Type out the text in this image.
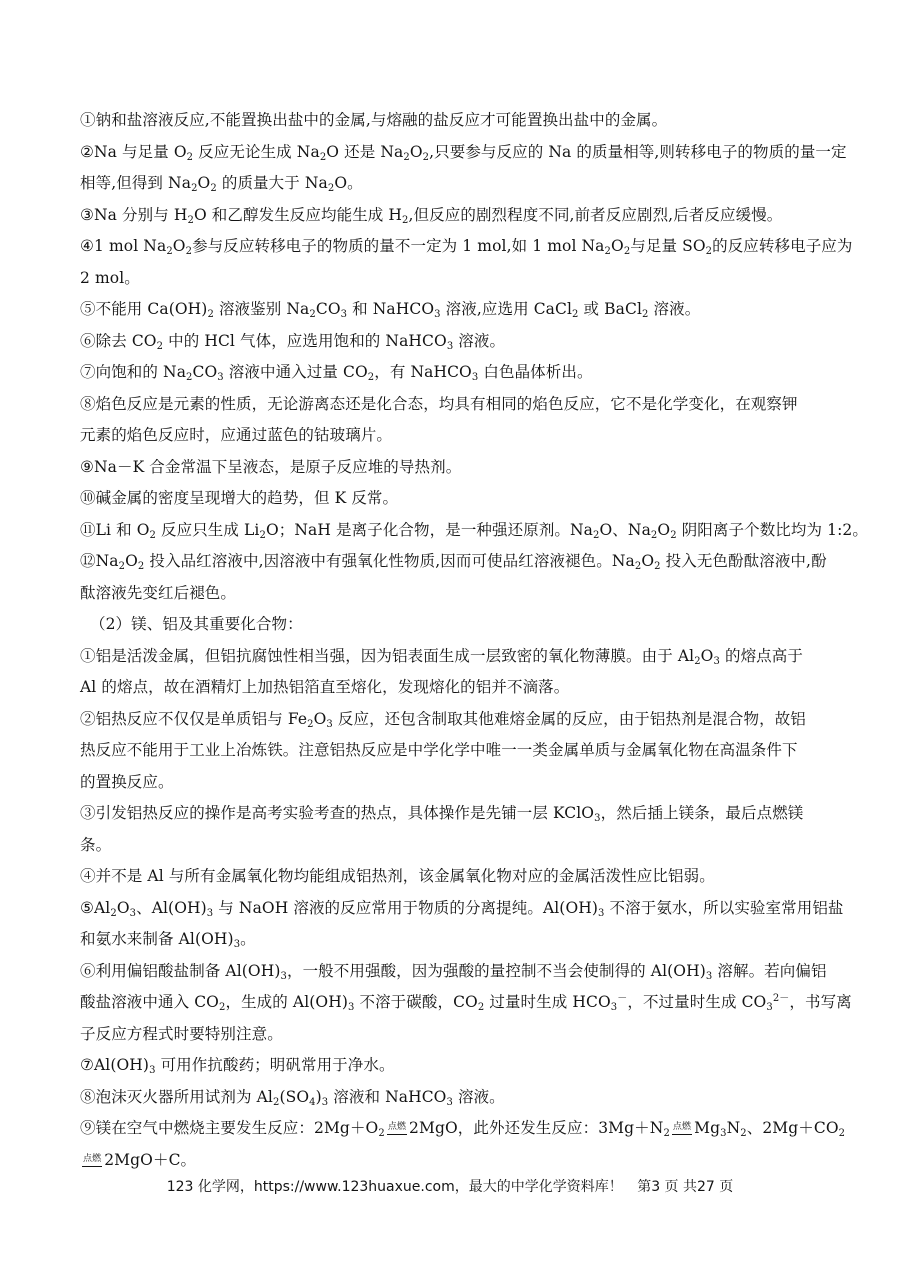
①钠和盐溶液反应,不能置换出盐中的金属,与熔融的盐反应才可能置换出盐中的金属。
②Na 与足量 $O_2$ 反应无论生成 $Na_2O$ 还是 $Na_2O_2$,只要参与反应的 Na 的质量相等,则转移电子的物质的量一定
相等,但得到 $Na_2O_2$ 的质量大于 $Na_2O$。
③Na 分别与 $H_2O$ 和乙醇发生反应均能生成 $H_2$,但反应的剧烈程度不同,前者反应剧烈,后者反应缓慢。
④1 mol $Na_2O_2$参与反应转移电子的物质的量不一定为 1 mol,如 1 mol $Na_2O_2$与足量 $SO_2$的反应转移电子应为
2 mol。
⑤不能用 $Ca(OH)_2$ 溶液鉴别 $Na_2CO_3$ 和 NaHCO$_3$ 溶液,应选用 CaCl$_2$ 或 BaCl$_2$ 溶液。
⑥除去 $CO_2$ 中的 HCl 气体，应选用饱和的 NaHCO$_3$ 溶液。
⑦向饱和的 $Na_2CO_3$ 溶液中通入过量 $CO_2$，有 NaHCO$_3$ 白色晶体析出。
⑧焰色反应是元素的性质，无论游离态还是化合态，均具有相同的焰色反应，它不是化学变化，在观察钾
元素的焰色反应时，应通过蓝色的钴玻璃片。
⑨Na－K 合金常温下呈液态，是原子反应堆的导热剂。
⑩碱金属的密度呈现增大的趋势，但 K 反常。
⑪Li 和 $O_2$ 反应只生成 $Li_2O$；NaH 是离子化合物，是一种强还原剂。$Na_2O$、$Na_2O_2$ 阴阳离子个数比均为 1:2。
$⑫Na_2O_2$ 投入品红溶液中,因溶液中有强氧化性物质,因而可使品红溶液褪色。$Na_2O_2$ 投入无色酚酞溶液中,酚
酞溶液先变红后褪色。
（2）镁、铝及其重要化合物：
①铝是活泼金属，但铝抗腐蚀性相当强，因为铝表面生成一层致密的氧化物薄膜。由于 $Al_2O_3$ 的熔点高于
Al 的熔点，故在酒精灯上加热铝箔直至熔化，发现熔化的铝并不滴落。
②铝热反应不仅仅是单质铝与 $Fe_2O_3$ 反应，还包含制取其他难熔金属的反应，由于铝热剂是混合物，故铝
热反应不能用于工业上冶炼铁。注意铝热反应是中学化学中唯一一类金属单质与金属氧化物在高温条件下
的置换反应。
③引发铝热反应的操作是高考实验考查的热点，具体操作是先铺一层 KClO$_3$，然后插上镁条，最后点燃镁
条。
④并不是 Al 与所有金属氧化物均能组成铝热剂，该金属氧化物对应的金属活泼性应比铝弱。
$⑤Al_2O_3$、$Al(OH)_3$ 与 NaOH 溶液的反应常用于物质的分离提纯。$Al(OH)_3$ 不溶于氨水，所以实验室常用铝盐
和氨水来制备 $Al(OH)_3$。
⑥利用偏铝酸盐制备 $Al(OH)_3$，一般不用强酸，因为强酸的量控制不当会使制得的 $Al(OH)_3$ 溶解。若向偏铝
酸盐溶液中通入 $CO_2$，生成的 $Al(OH)_3$ 不溶于碳酸，$CO_2$ 过量时生成 $HCO_3^-$，不过量时生成 $CO_3^{2-}$，书写离
子反应方程式时要特别注意。
$⑦Al(OH)_3$ 可用作抗酸药；明矾常用于净水。
⑧泡沫灭火器所用试剂为 $Al_2(SO_4)_3$ 溶液和 NaHCO$_3$ 溶液。
⑨镁在空气中燃烧主要发生反应：$2Mg+O_2$点燃 2MgO，此外还发生反应：$3Mg+N_2$点燃 $Mg_3N_2$、$2Mg+CO_2$
点燃 2MgO＋C。
123 化学网，https://www.123huaxue.com，最大的中学化学资料库！ 第3 页 共27 页
